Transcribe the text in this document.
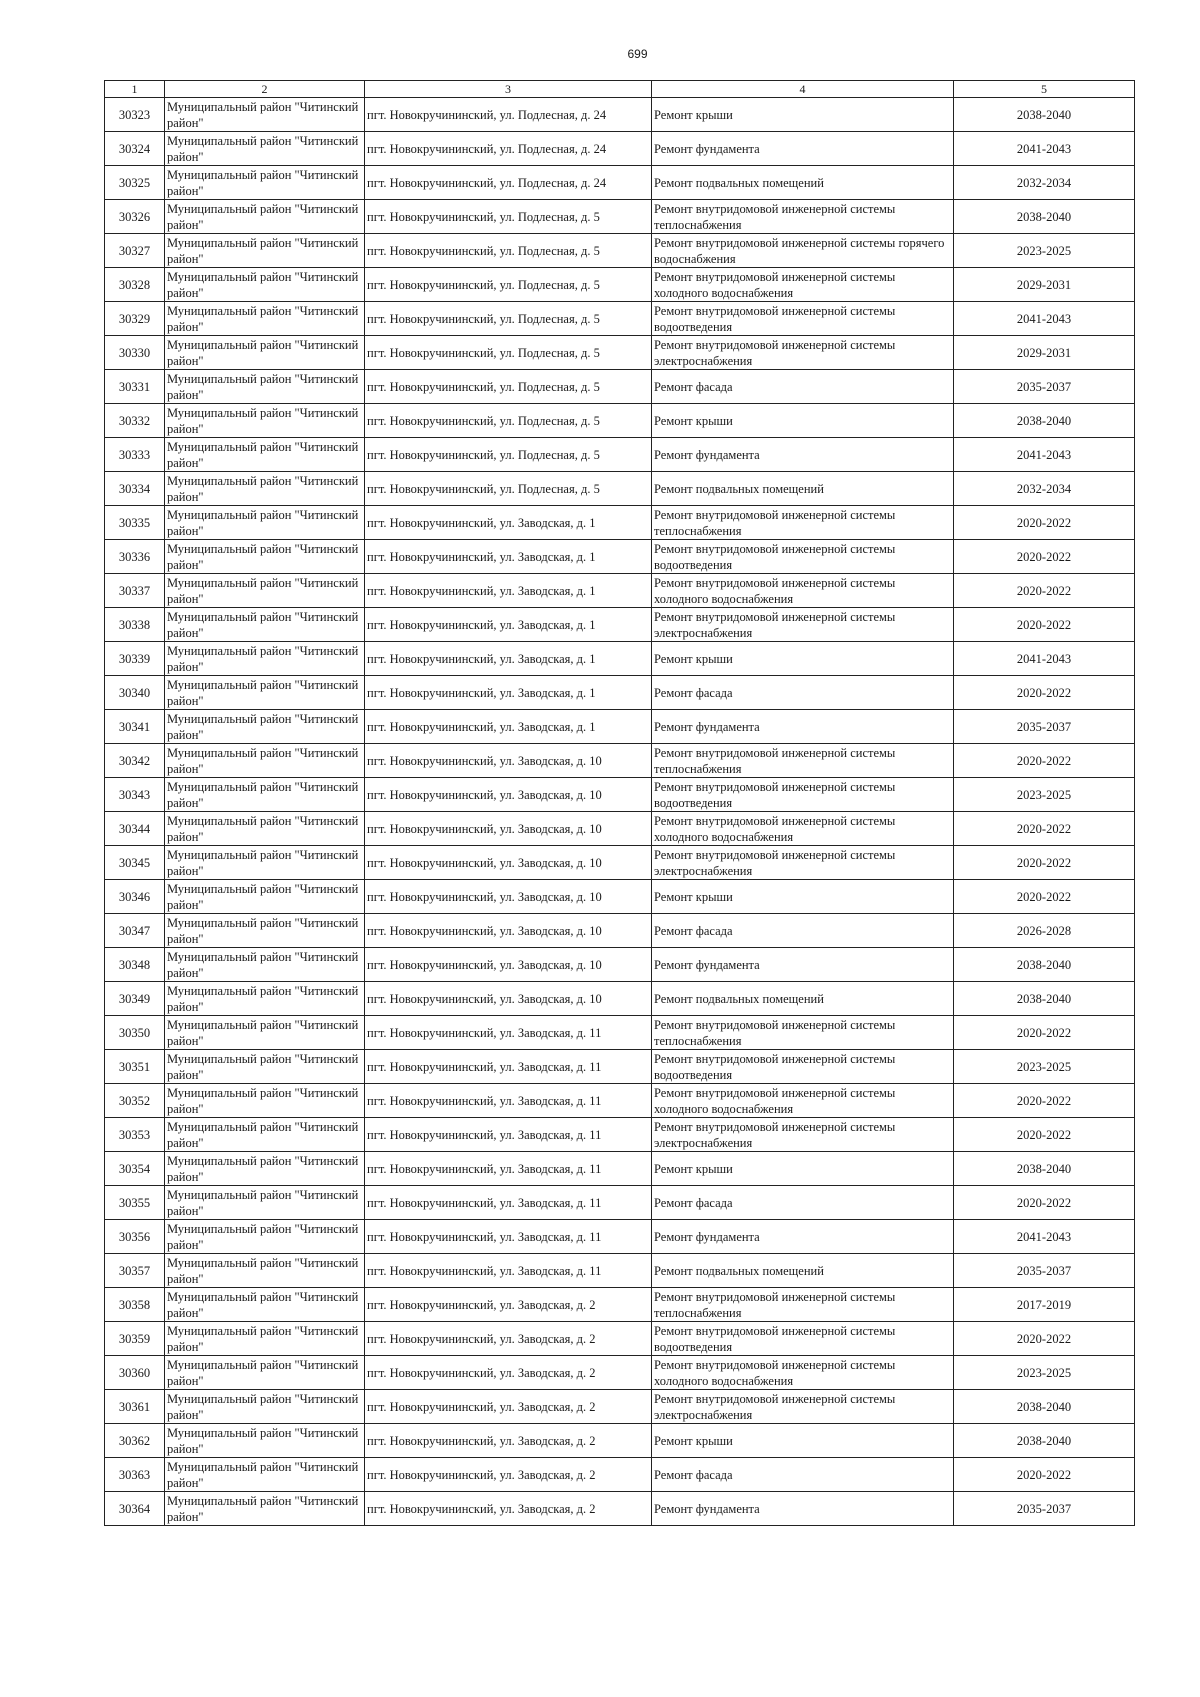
699
1	2	3	4	5
30323	Муниципальный район "Читинский район"	пгт. Новокручининский, ул. Подлесная, д. 24	Ремонт крыши	2038-2040
30324	Муниципальный район "Читинский район"	пгт. Новокручининский, ул. Подлесная, д. 24	Ремонт фундамента	2041-2043
30325	Муниципальный район "Читинский район"	пгт. Новокручининский, ул. Подлесная, д. 24	Ремонт подвальных помещений	2032-2034
30326	Муниципальный район "Читинский район"	пгт. Новокручининский, ул. Подлесная, д. 5	Ремонт внутридомовой инженерной системы теплоснабжения	2038-2040
30327	Муниципальный район "Читинский район"	пгт. Новокручининский, ул. Подлесная, д. 5	Ремонт внутридомовой инженерной системы горячего водоснабжения	2023-2025
30328	Муниципальный район "Читинский район"	пгт. Новокручининский, ул. Подлесная, д. 5	Ремонт внутридомовой инженерной системы холодного водоснабжения	2029-2031
30329	Муниципальный район "Читинский район"	пгт. Новокручининский, ул. Подлесная, д. 5	Ремонт внутридомовой инженерной системы водоотведения	2041-2043
30330	Муниципальный район "Читинский район"	пгт. Новокручининский, ул. Подлесная, д. 5	Ремонт внутридомовой инженерной системы электроснабжения	2029-2031
30331	Муниципальный район "Читинский район"	пгт. Новокручининский, ул. Подлесная, д. 5	Ремонт фасада	2035-2037
30332	Муниципальный район "Читинский район"	пгт. Новокручининский, ул. Подлесная, д. 5	Ремонт крыши	2038-2040
30333	Муниципальный район "Читинский район"	пгт. Новокручининский, ул. Подлесная, д. 5	Ремонт фундамента	2041-2043
30334	Муниципальный район "Читинский район"	пгт. Новокручининский, ул. Подлесная, д. 5	Ремонт подвальных помещений	2032-2034
30335	Муниципальный район "Читинский район"	пгт. Новокручининский, ул. Заводская, д. 1	Ремонт внутридомовой инженерной системы теплоснабжения	2020-2022
30336	Муниципальный район "Читинский район"	пгт. Новокручининский, ул. Заводская, д. 1	Ремонт внутридомовой инженерной системы водоотведения	2020-2022
30337	Муниципальный район "Читинский район"	пгт. Новокручининский, ул. Заводская, д. 1	Ремонт внутридомовой инженерной системы холодного водоснабжения	2020-2022
30338	Муниципальный район "Читинский район"	пгт. Новокручининский, ул. Заводская, д. 1	Ремонт внутридомовой инженерной системы электроснабжения	2020-2022
30339	Муниципальный район "Читинский район"	пгт. Новокручининский, ул. Заводская, д. 1	Ремонт крыши	2041-2043
30340	Муниципальный район "Читинский район"	пгт. Новокручининский, ул. Заводская, д. 1	Ремонт фасада	2020-2022
30341	Муниципальный район "Читинский район"	пгт. Новокручининский, ул. Заводская, д. 1	Ремонт фундамента	2035-2037
30342	Муниципальный район "Читинский район"	пгт. Новокручининский, ул. Заводская, д. 10	Ремонт внутридомовой инженерной системы теплоснабжения	2020-2022
30343	Муниципальный район "Читинский район"	пгт. Новокручининский, ул. Заводская, д. 10	Ремонт внутридомовой инженерной системы водоотведения	2023-2025
30344	Муниципальный район "Читинский район"	пгт. Новокручининский, ул. Заводская, д. 10	Ремонт внутридомовой инженерной системы холодного водоснабжения	2020-2022
30345	Муниципальный район "Читинский район"	пгт. Новокручининский, ул. Заводская, д. 10	Ремонт внутридомовой инженерной системы электроснабжения	2020-2022
30346	Муниципальный район "Читинский район"	пгт. Новокручининский, ул. Заводская, д. 10	Ремонт крыши	2020-2022
30347	Муниципальный район "Читинский район"	пгт. Новокручининский, ул. Заводская, д. 10	Ремонт фасада	2026-2028
30348	Муниципальный район "Читинский район"	пгт. Новокручининский, ул. Заводская, д. 10	Ремонт фундамента	2038-2040
30349	Муниципальный район "Читинский район"	пгт. Новокручининский, ул. Заводская, д. 10	Ремонт подвальных помещений	2038-2040
30350	Муниципальный район "Читинский район"	пгт. Новокручининский, ул. Заводская, д. 11	Ремонт внутридомовой инженерной системы теплоснабжения	2020-2022
30351	Муниципальный район "Читинский район"	пгт. Новокручининский, ул. Заводская, д. 11	Ремонт внутридомовой инженерной системы водоотведения	2023-2025
30352	Муниципальный район "Читинский район"	пгт. Новокручининский, ул. Заводская, д. 11	Ремонт внутридомовой инженерной системы холодного водоснабжения	2020-2022
30353	Муниципальный район "Читинский район"	пгт. Новокручининский, ул. Заводская, д. 11	Ремонт внутридомовой инженерной системы электроснабжения	2020-2022
30354	Муниципальный район "Читинский район"	пгт. Новокручининский, ул. Заводская, д. 11	Ремонт крыши	2038-2040
30355	Муниципальный район "Читинский район"	пгт. Новокручининский, ул. Заводская, д. 11	Ремонт фасада	2020-2022
30356	Муниципальный район "Читинский район"	пгт. Новокручининский, ул. Заводская, д. 11	Ремонт фундамента	2041-2043
30357	Муниципальный район "Читинский район"	пгт. Новокручининский, ул. Заводская, д. 11	Ремонт подвальных помещений	2035-2037
30358	Муниципальный район "Читинский район"	пгт. Новокручининский, ул. Заводская, д. 2	Ремонт внутридомовой инженерной системы теплоснабжения	2017-2019
30359	Муниципальный район "Читинский район"	пгт. Новокручининский, ул. Заводская, д. 2	Ремонт внутридомовой инженерной системы водоотведения	2020-2022
30360	Муниципальный район "Читинский район"	пгт. Новокручининский, ул. Заводская, д. 2	Ремонт внутридомовой инженерной системы холодного водоснабжения	2023-2025
30361	Муниципальный район "Читинский район"	пгт. Новокручининский, ул. Заводская, д. 2	Ремонт внутридомовой инженерной системы электроснабжения	2038-2040
30362	Муниципальный район "Читинский район"	пгт. Новокручининский, ул. Заводская, д. 2	Ремонт крыши	2038-2040
30363	Муниципальный район "Читинский район"	пгт. Новокручининский, ул. Заводская, д. 2	Ремонт фасада	2020-2022
30364	Муниципальный район "Читинский район"	пгт. Новокручининский, ул. Заводская, д. 2	Ремонт фундамента	2035-2037
